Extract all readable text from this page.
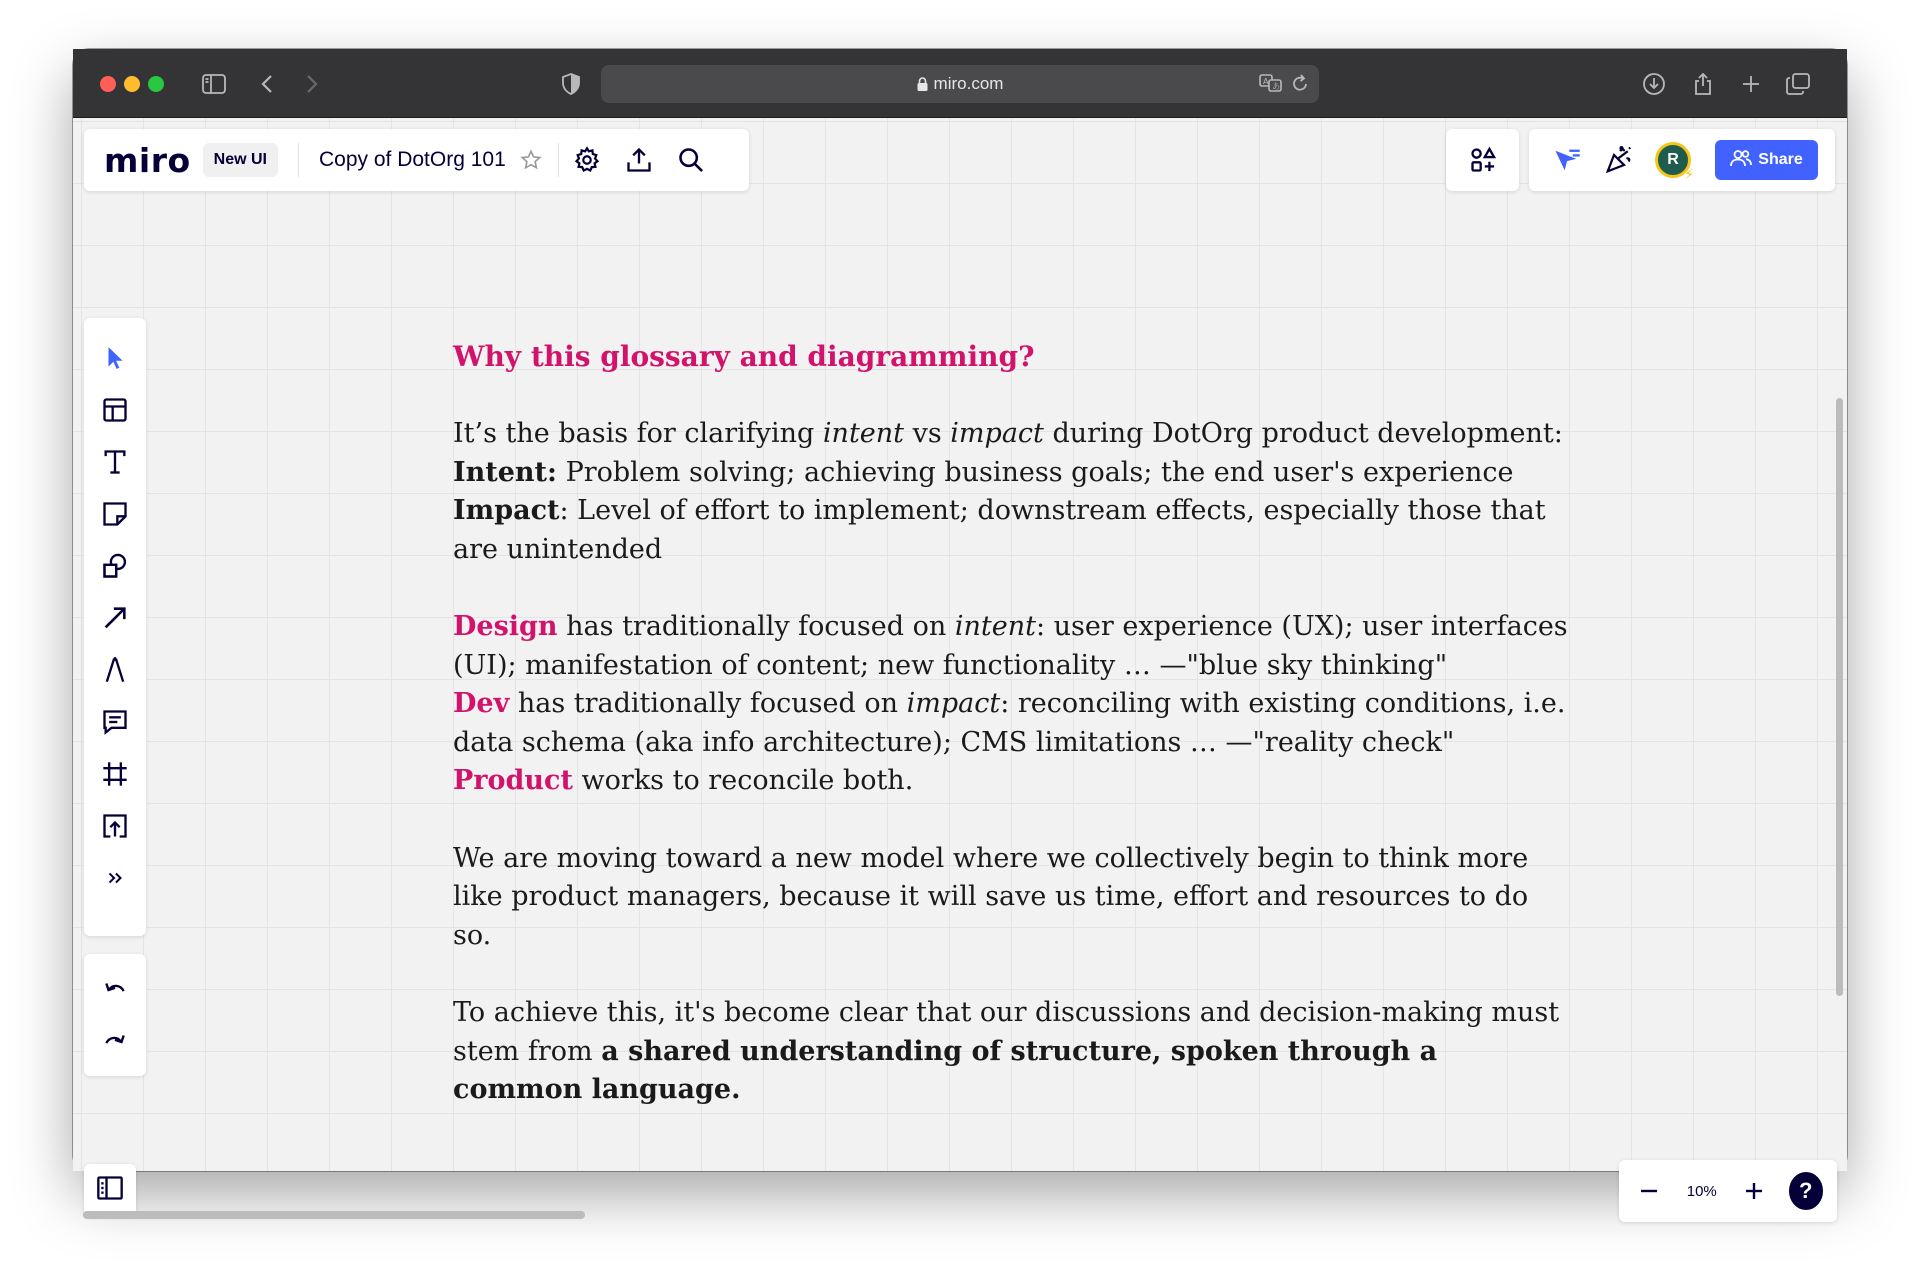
miro.com	A
あ
miro	New UI	Copy of DotOrg 101	R
⚡
Share
10%	?
Why this glossary and diagramming?

It’s the basis for clarifying intent vs impact during DotOrg product development:
Intent: Problem solving; achieving business goals; the end user's experience
Impact: Level of effort to implement; downstream effects, especially those that are unintended

Design has traditionally focused on intent: user experience (UX); user interfaces (UI); manifestation of content; new functionality … —"blue sky thinking"
Dev has traditionally focused on impact: reconciling with existing conditions, i.e. data schema (aka info architecture); CMS limitations … —"reality check"
Product works to reconcile both.

We are moving toward a new model where we collectively begin to think more like product managers, because it will save us time, effort and resources to do so.

To achieve this, it's become clear that our discussions and decision-making must stem from a shared understanding of structure, spoken through a common language.
